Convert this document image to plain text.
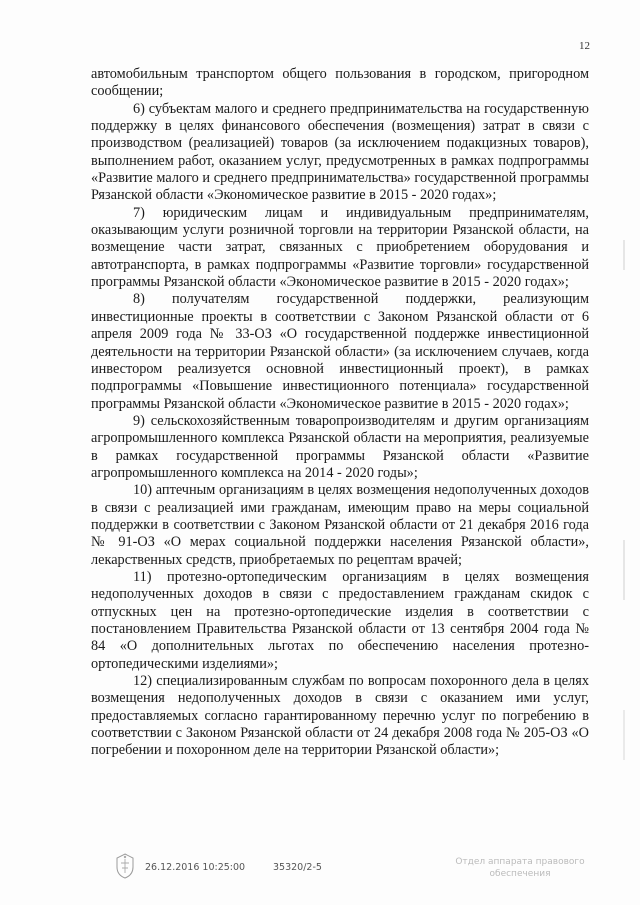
12

автомобильным транспортом общего пользования в городском, пригородном сообщении;

6) субъектам малого и среднего предпринимательства на государственную поддержку в целях финансового обеспечения (возмещения) затрат в связи с производством (реализацией) товаров (за исключением подакцизных товаров), выполнением работ, оказанием услуг, предусмотренных в рамках подпрограммы «Развитие малого и среднего предпринимательства» государственной программы Рязанской области «Экономическое развитие в 2015 - 2020 годах»;

7) юридическим лицам и индивидуальным предпринимателям, оказывающим услуги розничной торговли на территории Рязанской области, на возмещение части затрат, связанных с приобретением оборудования и автотранспорта, в рамках подпрограммы «Развитие торговли» государственной программы Рязанской области «Экономическое развитие в 2015 - 2020 годах»;

8) получателям государственной поддержки, реализующим инвестиционные проекты в соответствии с Законом Рязанской области от 6 апреля 2009 года № 33-ОЗ «О государственной поддержке инвестиционной деятельности на территории Рязанской области» (за исключением случаев, когда инвестором реализуется основной инвестиционный проект), в рамках подпрограммы «Повышение инвестиционного потенциала» государственной программы Рязанской области «Экономическое развитие в 2015 - 2020 годах»;

9) сельскохозяйственным товаропроизводителям и другим организациям агропромышленного комплекса Рязанской области на мероприятия, реализуемые в рамках государственной программы Рязанской области «Развитие агропромышленного комплекса на 2014 - 2020 годы»;

10) аптечным организациям в целях возмещения недополученных доходов в связи с реализацией ими гражданам, имеющим право на меры социальной поддержки в соответствии с Законом Рязанской области от 21 декабря 2016 года № 91-ОЗ «О мерах социальной поддержки населения Рязанской области», лекарственных средств, приобретаемых по рецептам врачей;

11) протезно-ортопедическим организациям в целях возмещения недополученных доходов в связи с предоставлением гражданам скидок с отпускных цен на протезно-ортопедические изделия в соответствии с постановлением Правительства Рязанской области от 13 сентября 2004 года № 84 «О дополнительных льготах по обеспечению населения протезно-ортопедическими изделиями»;

12) специализированным службам по вопросам похоронного дела в целях возмещения недополученных доходов в связи с оказанием ими услуг, предоставляемых согласно гарантированному перечню услуг по погребению в соответствии с Законом Рязанской области от 24 декабря 2008 года № 205-ОЗ «О погребении и похоронном деле на территории Рязанской области»;

26.12.2016 10:25:00	35320/2-5	Отдел аппарата правового
обеспечения
